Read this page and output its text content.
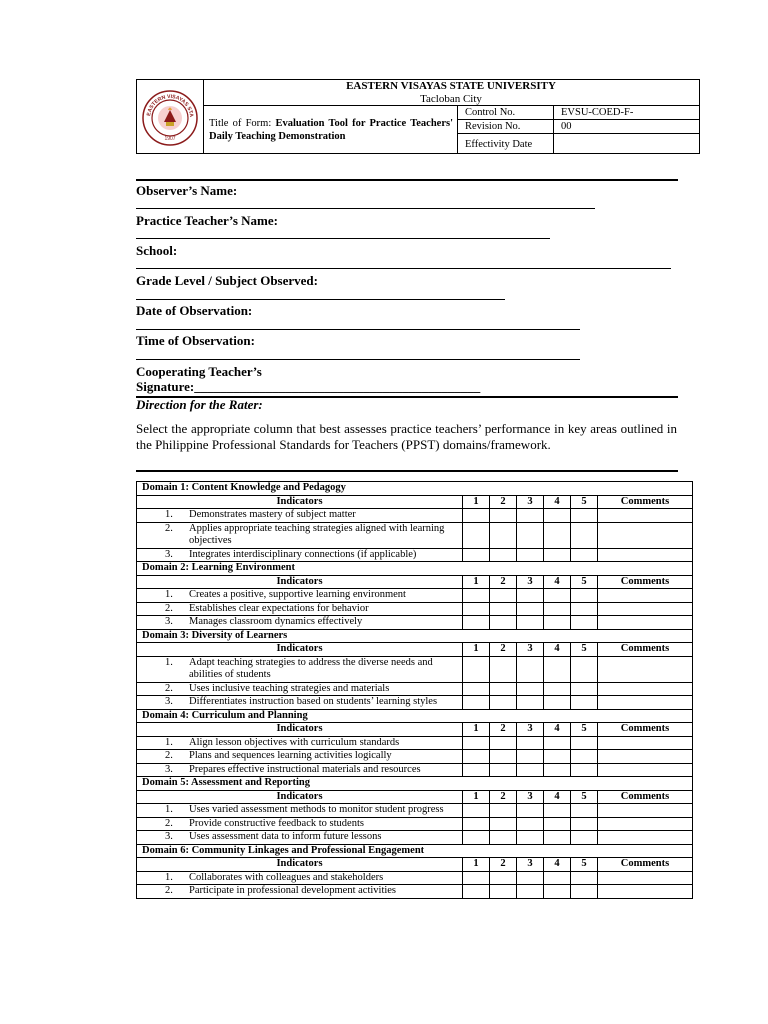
EASTERN VISAYAS STA
1907
EASTERN VISAYAS STATE UNIVERSITY
Tacloban City
Title of Form: Evaluation Tool for Practice Teachers' Daily Teaching Demonstration
Control No.	EVSU-COED-F-
Revision No.	00
Effectivity Date
Observer’s Name:
Practice Teacher’s Name:
School:
Grade Level / Subject Observed:
Date of Observation:
Time of Observation:
Cooperating Teacher’s
Signature:____________________________________________
Direction for the Rater:
Select the appropriate column that best assesses practice teachers’ performance in key areas outlined in the Philippine Professional Standards for Teachers (PPST) domains/framework.
Domain 1: Content Knowledge and Pedagogy						
Indicators	1	2	3	4	5	Comments
1. Demonstrates mastery of subject matter						
2. Applies appropriate teaching strategies aligned with learning objectives						
3. Integrates interdisciplinary connections (if applicable)						
Domain 2: Learning Environment						
Indicators	1	2	3	4	5	Comments
1. Creates a positive, supportive learning environment						
2. Establishes clear expectations for behavior						
3. Manages classroom dynamics effectively						
Domain 3: Diversity of Learners						
Indicators	1	2	3	4	5	Comments
1. Adapt teaching strategies to address the diverse needs and abilities of students						
2. Uses inclusive teaching strategies and materials						
3. Differentiates instruction based on students’ learning styles						
Domain 4: Curriculum and Planning						
Indicators	1	2	3	4	5	Comments
1. Align lesson objectives with curriculum standards						
2. Plans and sequences learning activities logically						
3. Prepares effective instructional materials and resources						
Domain 5: Assessment and Reporting						
Indicators	1	2	3	4	5	Comments
1. Uses varied assessment methods to monitor student progress						
2. Provide constructive feedback to students						
3. Uses assessment data to inform future lessons						
Domain 6: Community Linkages and Professional Engagement						
Indicators	1	2	3	4	5	Comments
1. Collaborates with colleagues and stakeholders						
2. Participate in professional development activities						
